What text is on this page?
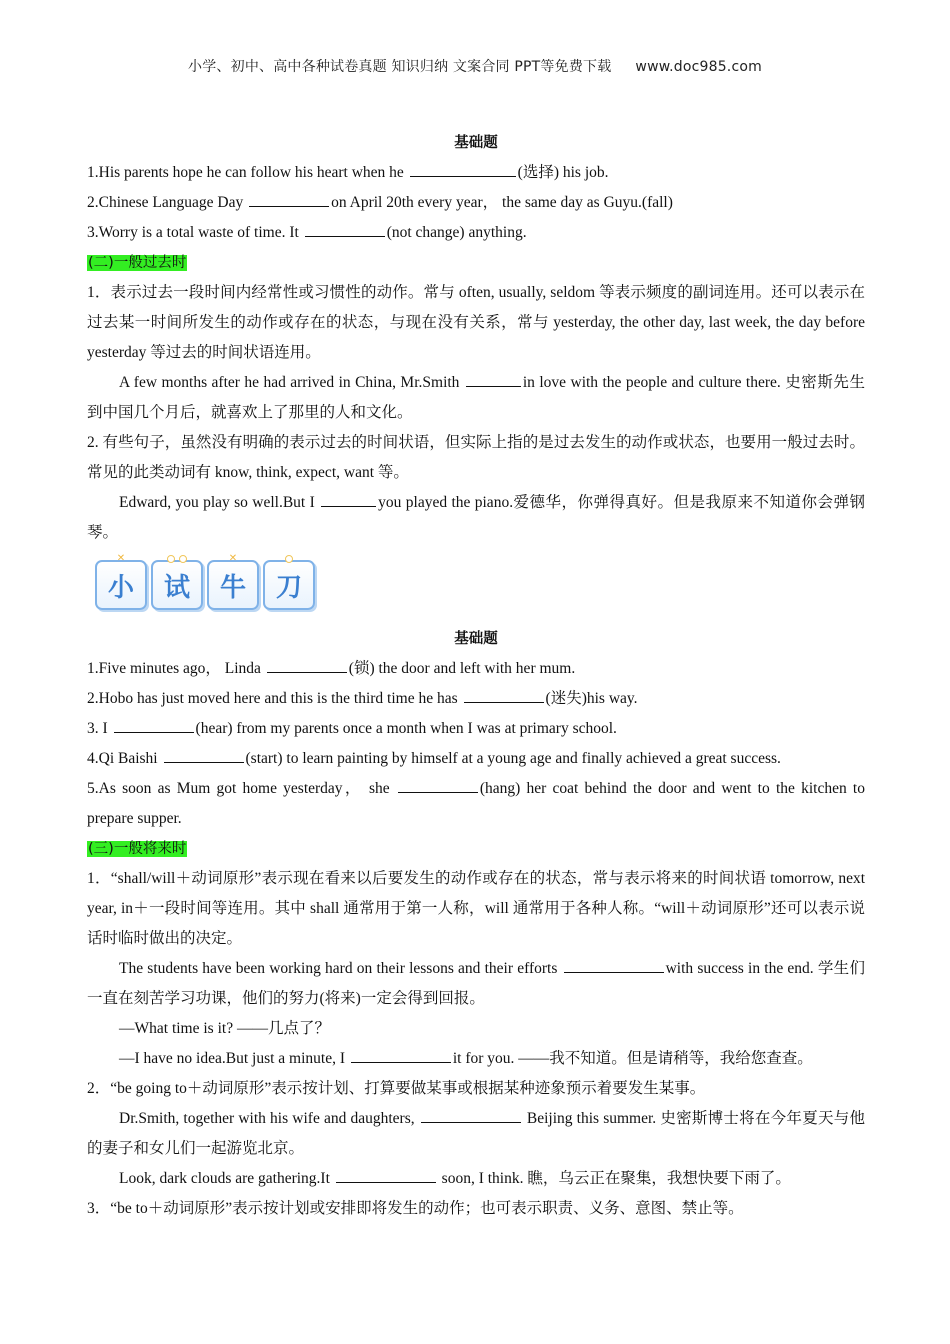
小学、初中、高中各种试卷真题 知识归纳 文案合同 PPT等免费下载 www.doc985.com
基础题
1.His parents hope he can follow his heart when he	(选择) his job.
2.Chinese Language Day	on April 20th every year， the same day as Guyu.(fall)
3.Worry is a total waste of time. It	(not change) anything.
(二)一般过去时
1．表示过去一段时间内经常性或习惯性的动作。常与 often, usually, seldom 等表示频度的副词连用。还可以表示在过去某一时间所发生的动作或存在的状态，与现在没有关系，常与 yesterday, the other day, last week, the day before yesterday 等过去的时间状语连用。
A few months after he had arrived in China, Mr.Smith	in love with the people and culture there. 史密斯先生到中国几个月后，就喜欢上了那里的人和文化。
2. 有些句子，虽然没有明确的表示过去的时间状语，但实际上指的是过去发生的动作或状态，也要用一般过去时。常见的此类动词有 know, think, expect, want 等。
Edward, you play so well.But I	you played the piano.爱德华，你弹得真好。但是我原来不知道你会弹钢琴。
✕
小 试
✕
牛 刀
基础题
1.Five minutes ago， Linda	(锁) the door and left with her mum.
2.Hobo has just moved here and this is the third time he has	(迷失)his way.
3. I	(hear) from my parents once a month when I was at primary school.
4.Qi Baishi	(start) to learn painting by himself at a young age and finally achieved a great success.
5.As soon as Mum got home yesterday， she	(hang) her coat behind the door and went to the kitchen to prepare supper.
(三)一般将来时
1．“shall/will＋动词原形”表示现在看来以后要发生的动作或存在的状态，常与表示将来的时间状语 tomorrow, next year, in＋一段时间等连用。其中 shall 通常用于第一人称，will 通常用于各种人称。“will＋动词原形”还可以表示说话时临时做出的决定。
The students have been working hard on their lessons and their efforts	with success in the end. 学生们一直在刻苦学习功课，他们的努力(将来)一定会得到回报。
—What time is it? ——几点了？
—I have no idea.But just a minute, I	it for you. ——我不知道。但是请稍等，我给您查查。
2．“be going to＋动词原形”表示按计划、打算要做某事或根据某种迹象预示着要发生某事。
Dr.Smith, together with his wife and daughters,	Beijing this summer. 史密斯博士将在今年夏天与他的妻子和女儿们一起游览北京。
Look, dark clouds are gathering.It	soon, I think. 瞧，乌云正在聚集，我想快要下雨了。
3．“be to＋动词原形”表示按计划或安排即将发生的动作；也可表示职责、义务、意图、禁止等。
